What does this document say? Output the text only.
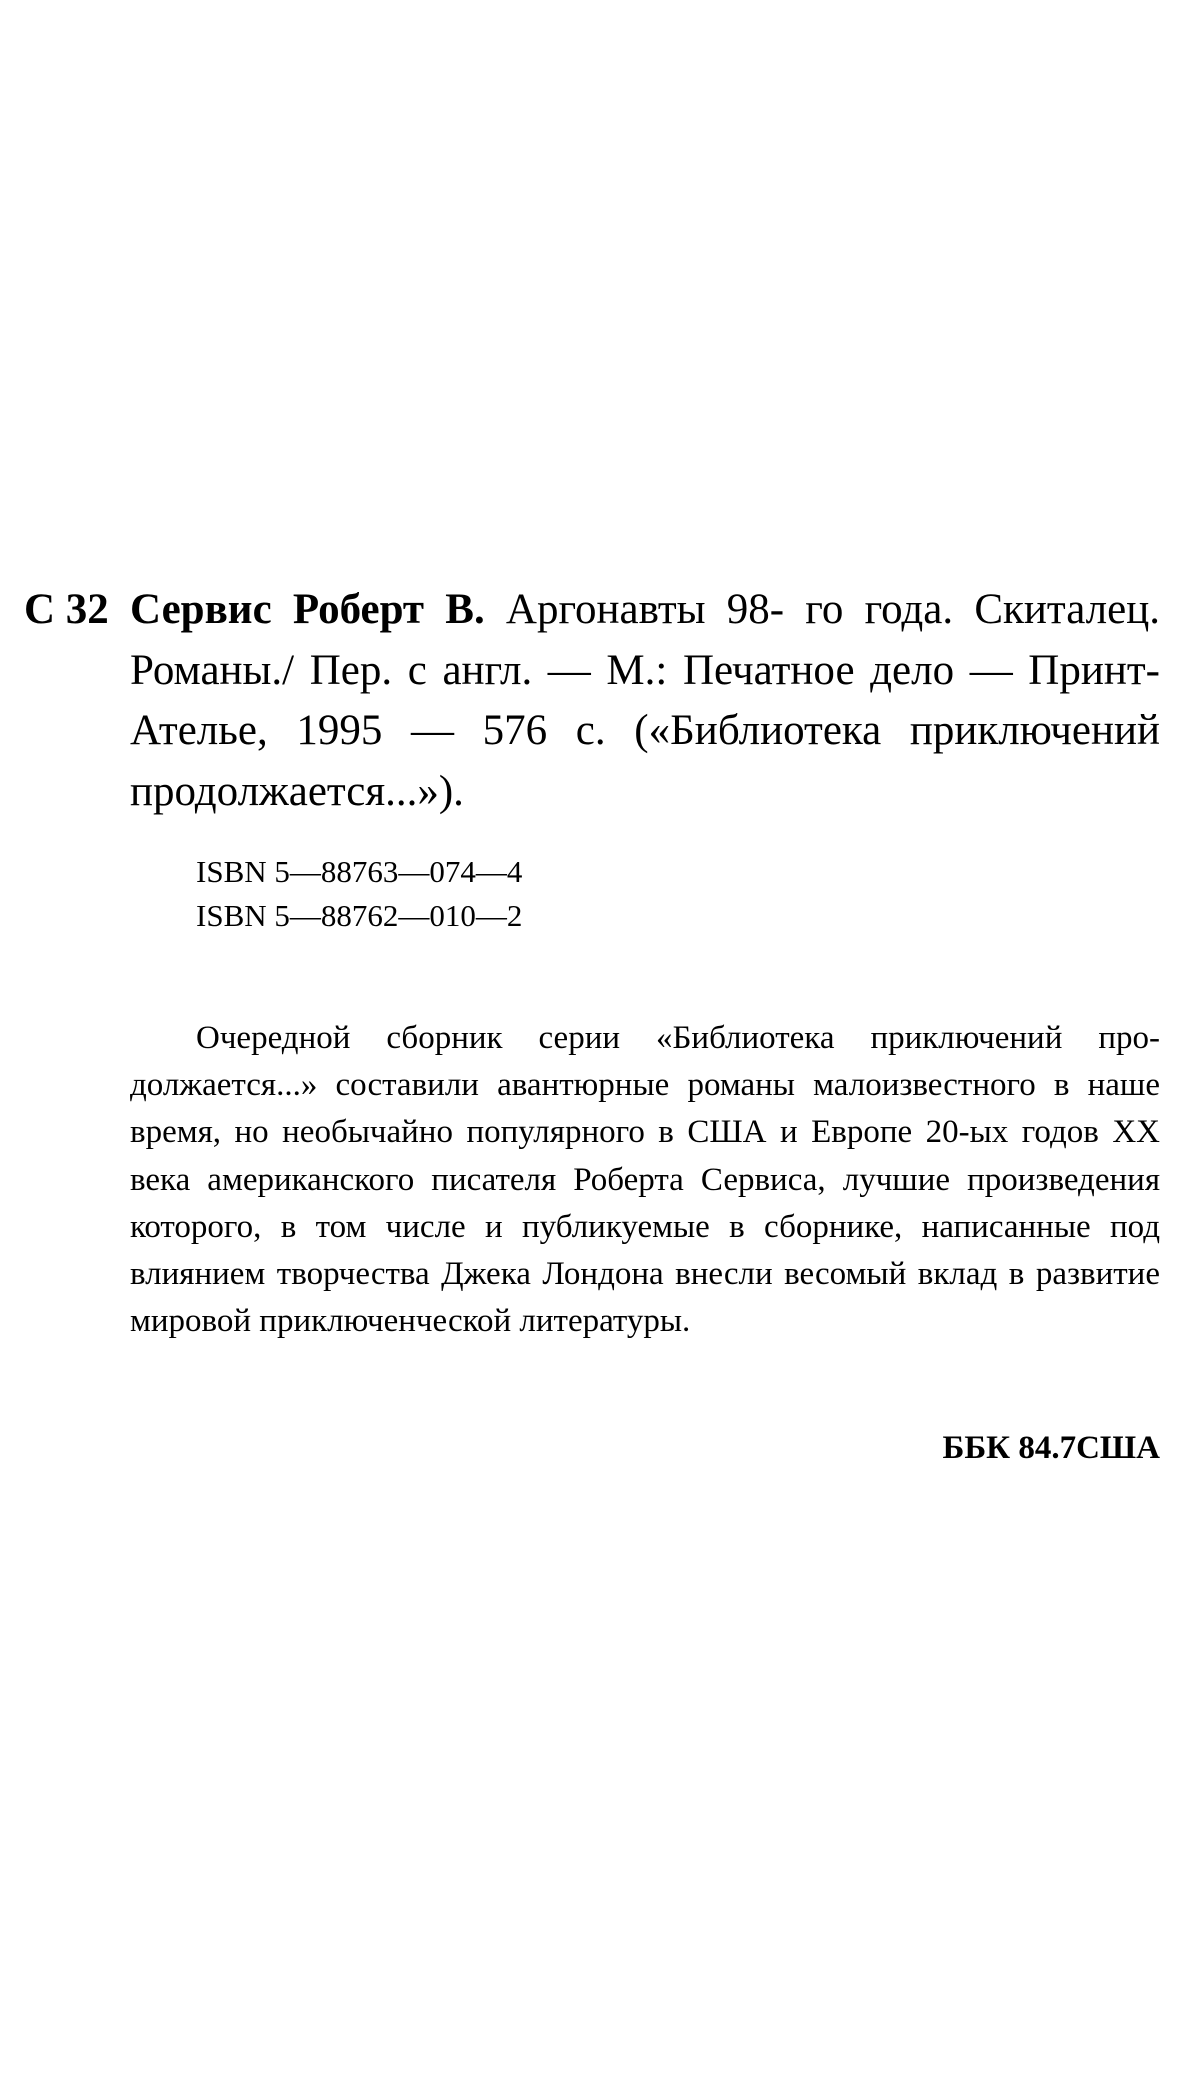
С 32 Сервис Роберт В. Аргонавты 98- го года. Скиталец. Романы./ Пер. с англ. — М.: Печатное дело — Принт-Ателье, 1995 — 576 с. («Библиотека приключений продолжается...»).
ISBN 5—88763—074—4
ISBN 5—88762—010—2
Очередной сборник серии «Библиотека приключений продолжается...» составили авантюрные романы малоизвестного в наше время, но необычайно популярного в США и Европе 20-ых годов XX века американского писателя Роберта Сервиса, лучшие произведения которого, в том числе и публикуемые в сборнике, написанные под влиянием творчества Джека Лондона внесли весомый вклад в развитие мировой приключенческой литературы.
ББК 84.7США
